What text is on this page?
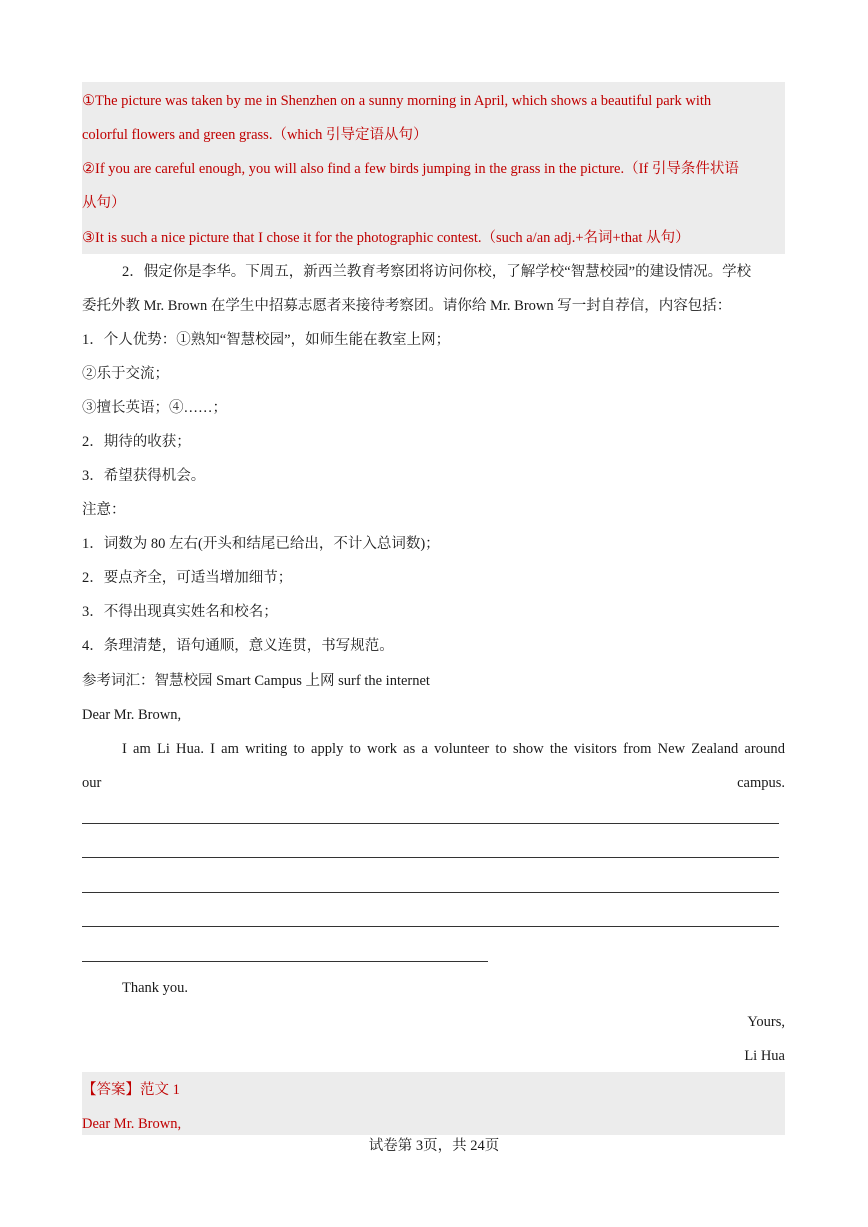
①The picture was taken by me in Shenzhen on a sunny morning in April, which shows a beautiful park with
colorful flowers and green grass.（which 引导定语从句）
②If you are careful enough, you will also find a few birds jumping in the grass in the picture.（If 引导条件状语
从句）
③It is such a nice picture that I chose it for the photographic contest.（such a/an adj.+名词+that 从句）
2．假定你是李华。下周五，新西兰教育考察团将访问你校，了解学校“智慧校园”的建设情况。学校
委托外教 Mr. Brown 在学生中招募志愿者来接待考察团。请你给 Mr. Brown 写一封自荐信，内容包括：
1．个人优势：①熟知“智慧校园”，如师生能在教室上网；
②乐于交流；
③擅长英语；④……；
2．期待的收获；
3．希望获得机会。
注意：
1．词数为 80 左右(开头和结尾已给出，不计入总词数)；
2．要点齐全，可适当增加细节；
3．不得出现真实姓名和校名；
4．条理清楚，语句通顺，意义连贯，书写规范。
参考词汇：智慧校园 Smart Campus 上网 surf the internet
Dear Mr. Brown,
I am Li Hua. I am writing to apply to work as a volunteer to show the visitors from New Zealand around
our	campus.
Thank you.
Yours,
Li Hua
【答案】范文 1
Dear Mr. Brown,
试卷第 3页，共 24页
